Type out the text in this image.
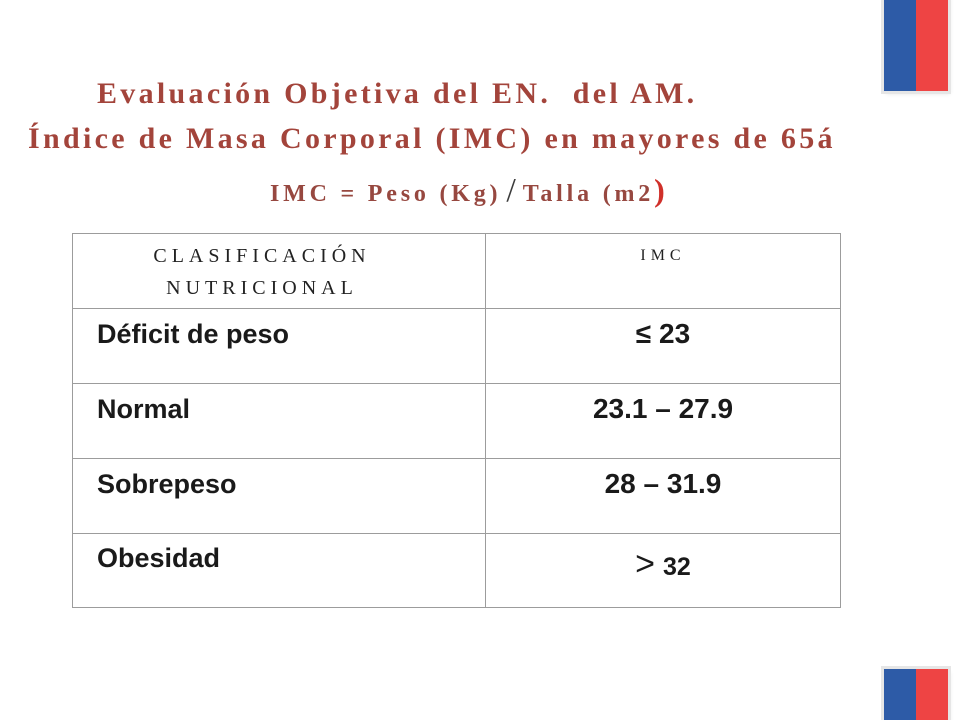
Evaluación Objetiva del EN.  del AM.
Índice de Masa Corporal (IMC) en mayores de 65á
IMC = Peso (Kg) / Talla (m2)
CLASIFICACIÓN NUTRICIONAL	IMC
Déficit de peso	≤ 23
Normal	23.1 – 27.9
Sobrepeso	28 – 31.9
Obesidad	> 32
